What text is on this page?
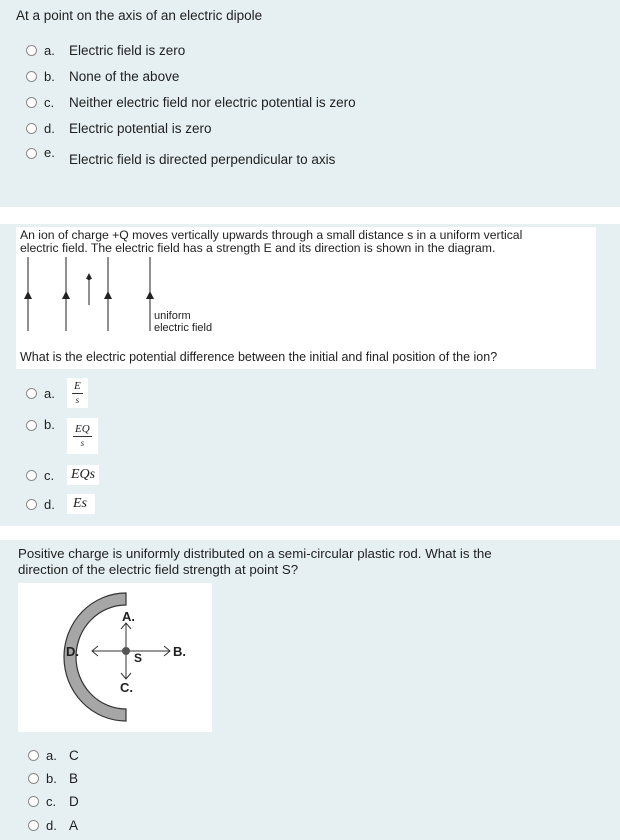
At a point on the axis of an electric dipole
a.	Electric field is zero
b.	None of the above
c.	Neither electric field nor electric potential is zero
d.	Electric potential is zero
e.	Electric field is directed perpendicular to axis
An ion of charge +Q moves vertically upwards through a small distance s in a uniform vertical
electric field. The electric field has a strength E and its direction is shown in the diagram.
uniform
electric field
What is the electric potential difference between the initial and final position of the ion?
a.	$\frac{E}{s}$
b.	$\frac{EQ}{s}$
c.	EQs
d.	Es
Positive charge is uniformly distributed on a semi-circular plastic rod. What is the
direction of the electric field strength at point S?
A.
B.
C.
D.	S
a. C
b. B
c. D
d. A
